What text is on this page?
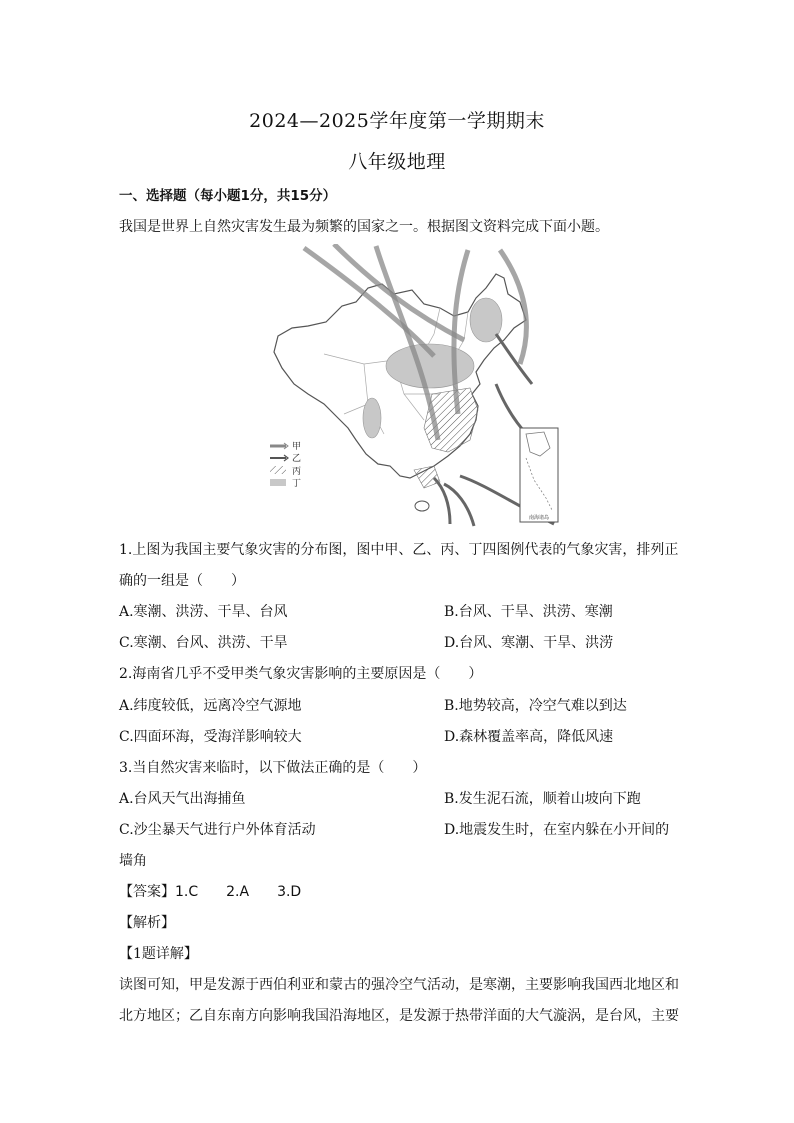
2024—2025学年度第一学期期末
八年级地理
一、选择题（每小题1分，共15分）
我国是世界上自然灾害发生最为频繁的国家之一。根据图文资料完成下面小题。
南海诸岛
甲
乙
丙
丁
1.上图为我国主要气象灾害的分布图，图中甲、乙、丙、丁四图例代表的气象灾害，排列正
确的一组是（　　）
A.寒潮、洪涝、干旱、台风	B.台风、干旱、洪涝、寒潮
C.寒潮、台风、洪涝、干旱	D.台风、寒潮、干旱、洪涝
2.海南省几乎不受甲类气象灾害影响的主要原因是（　　）
A.纬度较低，远离冷空气源地	B.地势较高，冷空气难以到达
C.四面环海，受海洋影响较大	D.森林覆盖率高，降低风速
3.当自然灾害来临时，以下做法正确的是（　　）
A.台风天气出海捕鱼	B.发生泥石流，顺着山坡向下跑
C.沙尘暴天气进行户外体育活动	D.地震发生时，在室内躲在小开间的
墙角
【答案】1.C　　2.A　　3.D
【解析】
【1题详解】
读图可知，甲是发源于西伯利亚和蒙古的强冷空气活动，是寒潮，主要影响我国西北地区和
北方地区；乙自东南方向影响我国沿海地区，是发源于热带洋面的大气漩涡，是台风，主要
